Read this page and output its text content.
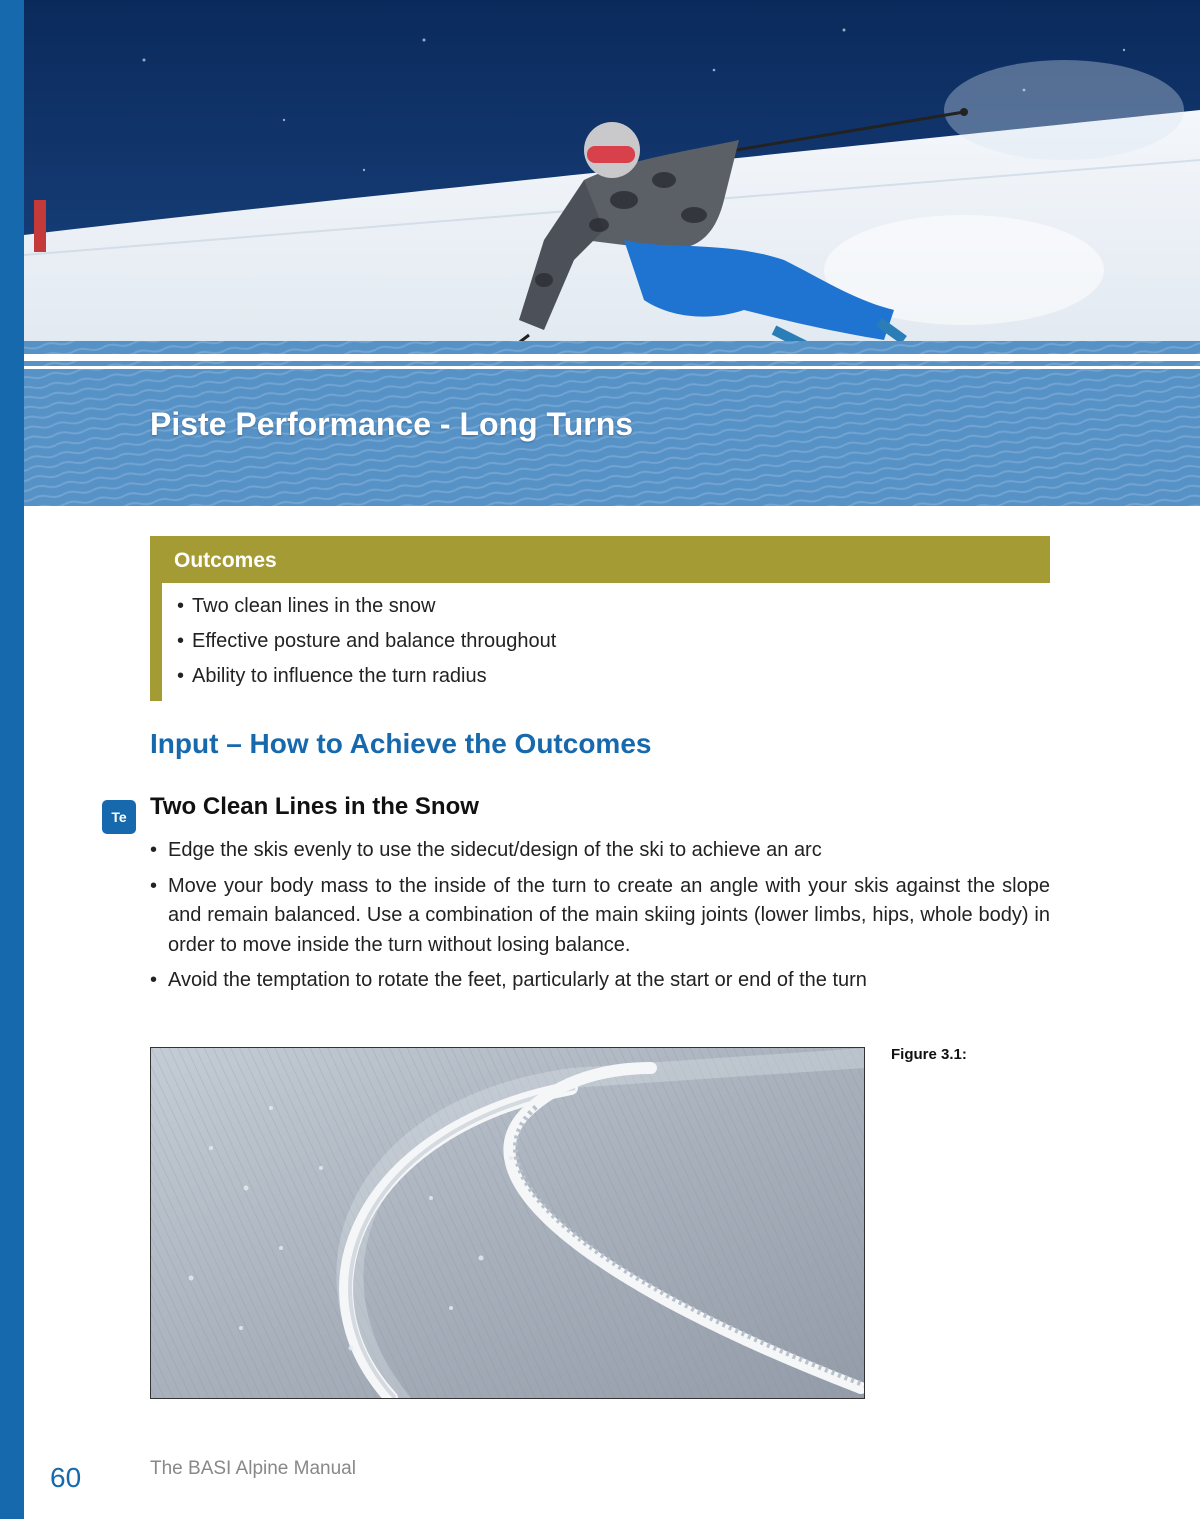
Piste Performance - Long Turns
Outcomes
• Two clean lines in the snow
• Effective posture and balance throughout
• Ability to influence the turn radius
Input – How to Achieve the Outcomes
Te Two Clean Lines in the Snow
• Edge the skis evenly to use the sidecut/design of the ski to achieve an arc
• Move your body mass to the inside of the turn to create an angle with your skis against the slope and remain balanced. Use a combination of the main skiing joints (lower limbs, hips, whole body) in order to move inside the turn without losing balance.
• Avoid the temptation to rotate the feet, particularly at the start or end of the turn
Figure 3.1:
60	The BASI Alpine Manual
